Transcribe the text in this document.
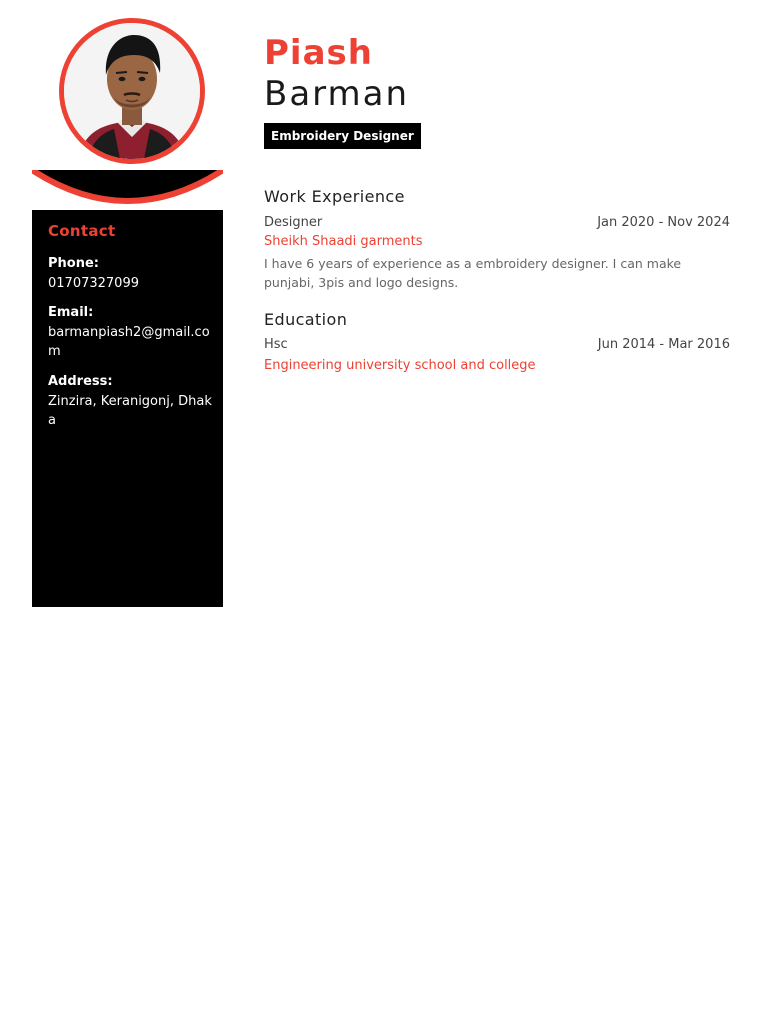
Contact

Phone:

01707327099

Email:

barmanpiash2@gmail.com

Address:

Zinzira, Keranigonj, Dhaka

Piash
Barman
Embroidery Designer
Work Experience

Designer	Jan 2020 - Nov 2024

Sheikh Shaadi garments

I have 6 years of experience as a embroidery designer. I can make punjabi, 3pis and logo designs.

Education

Hsc	Jun 2014 - Mar 2016

Engineering university school and college
